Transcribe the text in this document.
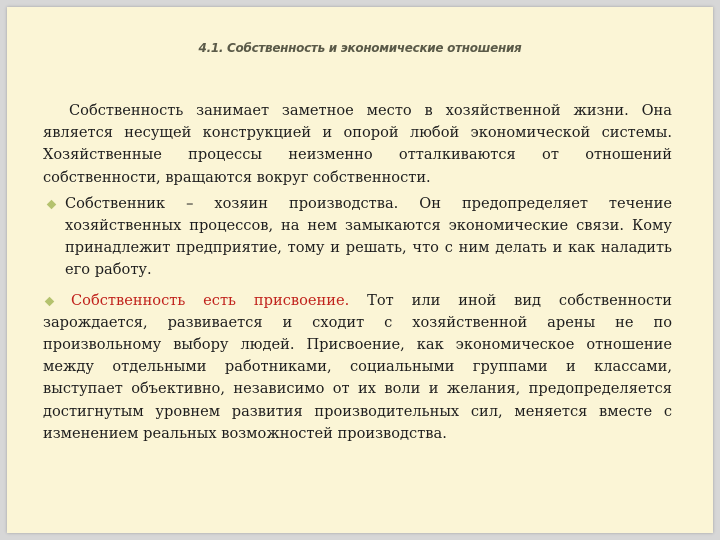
4.1. Собственность и экономические отношения

Собственность занимает заметное место в хозяйственной жизни. Она является несущей конструкцией и опорой любой экономической системы. Хозяйственные процессы неизменно отталкиваются от отношений собственности, вращаются вокруг собственности.

Собственник – хозяин производства. Он предопределяет течение хозяйственных процессов, на нем замыкаются экономические связи. Кому принадлежит предприятие, тому и решать, что с ним делать и как наладить его работу.

Собственность есть присвоение. Тот или иной вид собственности зарождается, развивается и сходит с хозяйственной арены не по произвольному выбору людей. Присвоение, как экономическое отношение между отдельными работниками, социальными группами и классами, выступает объективно, независимо от их воли и желания, предопределяется достигнутым уровнем развития производительных сил, меняется вместе с изменением реальных возможностей производства.
